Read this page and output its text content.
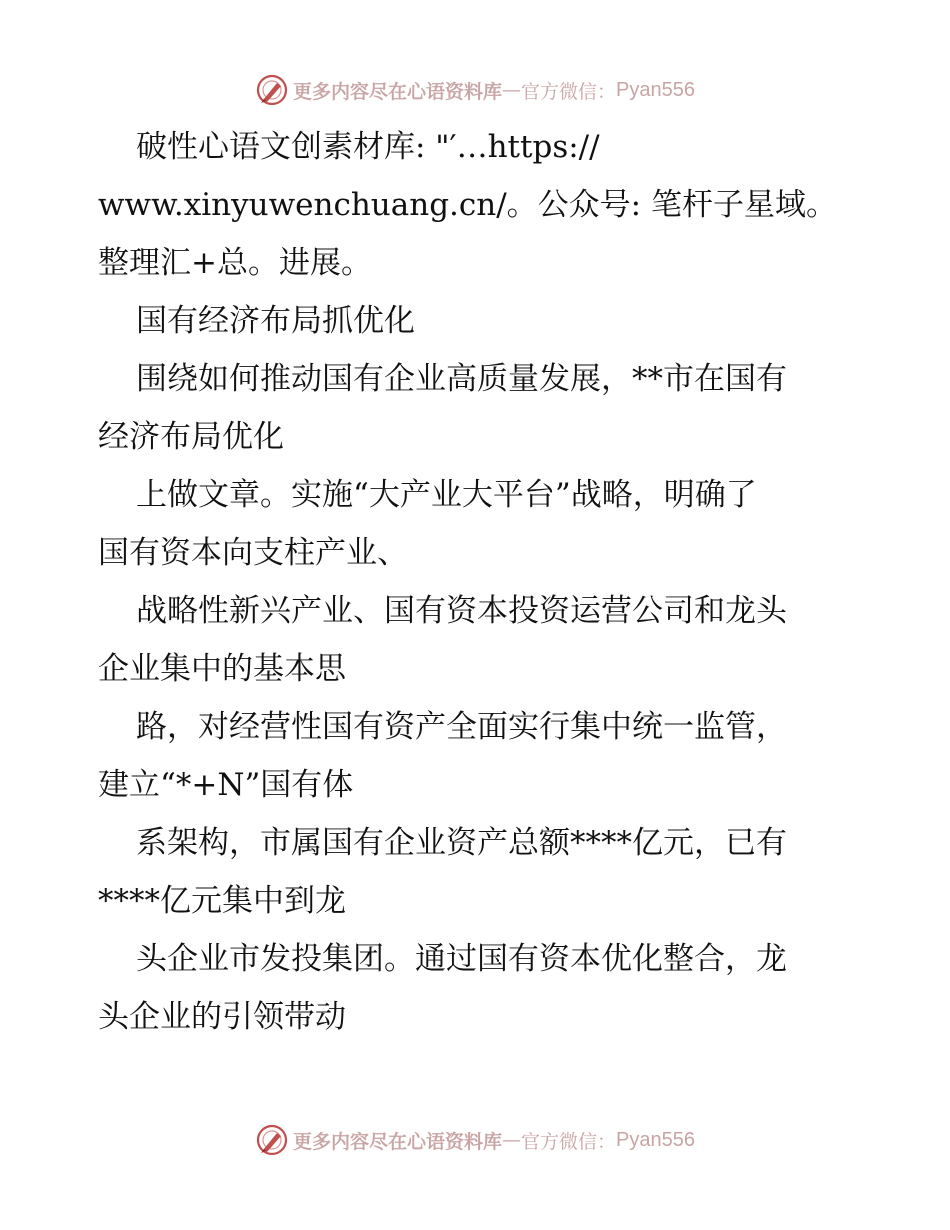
更多内容尽在心语资料库 — 官方微信： Pyan556
破性心语文创素材库: "′…https://
www.xinyuwenchuang.cn/。公众号: 笔杆子星域。
整理汇+总。进展。
国有经济布局抓优化
围绕如何推动国有企业高质量发展，**市在国有
经济布局优化
上做文章。实施“大产业大平台”战略，明确了
国有资本向支柱产业、
战略性新兴产业、国有资本投资运营公司和龙头
企业集中的基本思
路，对经营性国有资产全面实行集中统一监管，
建立“*+N”国有体
系架构，市属国有企业资产总额****亿元，已有
****亿元集中到龙
头企业市发投集团。通过国有资本优化整合，龙
头企业的引领带动
更多内容尽在心语资料库 — 官方微信： Pyan556
